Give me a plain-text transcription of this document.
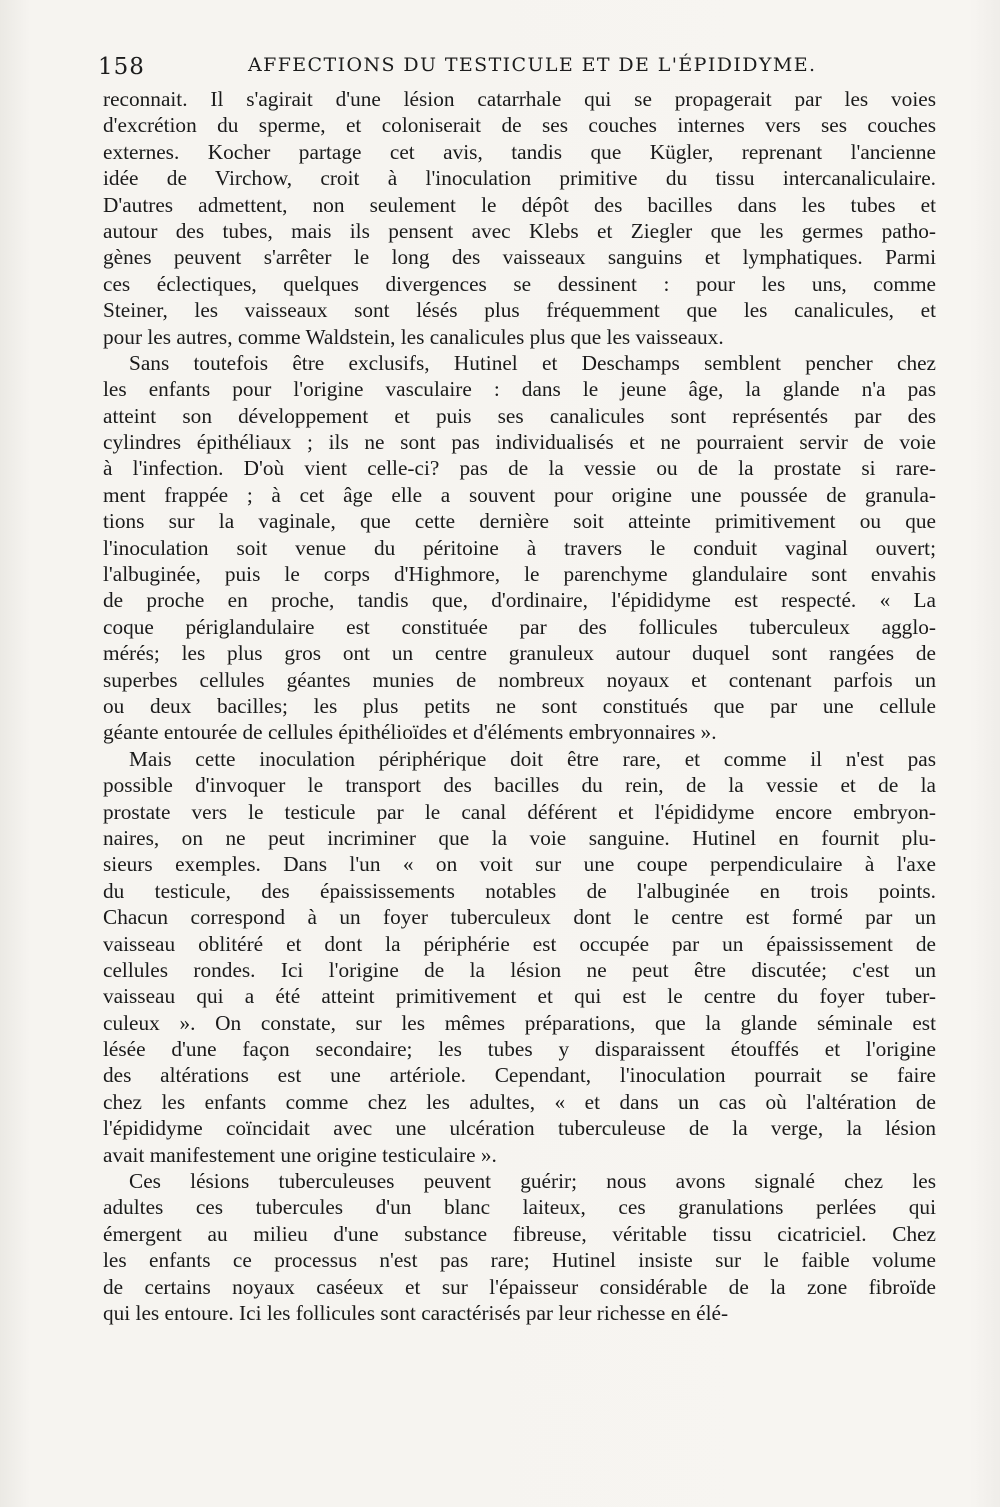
158	AFFECTIONS DU TESTICULE ET DE L'ÉPIDIDYME.
reconnait. Il s'agirait d'une lésion catarrhale qui se propagerait par les voies
d'excrétion du sperme, et coloniserait de ses couches internes vers ses couches
externes. Kocher partage cet avis, tandis que Kügler, reprenant l'ancienne
idée de Virchow, croit à l'inoculation primitive du tissu intercanaliculaire.
D'autres admettent, non seulement le dépôt des bacilles dans les tubes et
autour des tubes, mais ils pensent avec Klebs et Ziegler que les germes patho-
gènes peuvent s'arrêter le long des vaisseaux sanguins et lymphatiques. Parmi
ces éclectiques, quelques divergences se dessinent : pour les uns, comme
Steiner, les vaisseaux sont lésés plus fréquemment que les canalicules, et
pour les autres, comme Waldstein, les canalicules plus que les vaisseaux.
Sans toutefois être exclusifs, Hutinel et Deschamps semblent pencher chez
les enfants pour l'origine vasculaire : dans le jeune âge, la glande n'a pas
atteint son développement et puis ses canalicules sont représentés par des
cylindres épithéliaux ; ils ne sont pas individualisés et ne pourraient servir de voie
à l'infection. D'où vient celle-ci? pas de la vessie ou de la prostate si rare-
ment frappée ; à cet âge elle a souvent pour origine une poussée de granula-
tions sur la vaginale, que cette dernière soit atteinte primitivement ou que
l'inoculation soit venue du péritoine à travers le conduit vaginal ouvert;
l'albuginée, puis le corps d'Highmore, le parenchyme glandulaire sont envahis
de proche en proche, tandis que, d'ordinaire, l'épididyme est respecté. « La
coque périglandulaire est constituée par des follicules tuberculeux agglo-
mérés; les plus gros ont un centre granuleux autour duquel sont rangées de
superbes cellules géantes munies de nombreux noyaux et contenant parfois un
ou deux bacilles; les plus petits ne sont constitués que par une cellule
géante entourée de cellules épithélioïdes et d'éléments embryonnaires ».
Mais cette inoculation périphérique doit être rare, et comme il n'est pas
possible d'invoquer le transport des bacilles du rein, de la vessie et de la
prostate vers le testicule par le canal déférent et l'épididyme encore embryon-
naires, on ne peut incriminer que la voie sanguine. Hutinel en fournit plu-
sieurs exemples. Dans l'un « on voit sur une coupe perpendiculaire à l'axe
du testicule, des épaississements notables de l'albuginée en trois points.
Chacun correspond à un foyer tuberculeux dont le centre est formé par un
vaisseau oblitéré et dont la périphérie est occupée par un épaississement de
cellules rondes. Ici l'origine de la lésion ne peut être discutée; c'est un
vaisseau qui a été atteint primitivement et qui est le centre du foyer tuber-
culeux ». On constate, sur les mêmes préparations, que la glande séminale est
lésée d'une façon secondaire; les tubes y disparaissent étouffés et l'origine
des altérations est une artériole. Cependant, l'inoculation pourrait se faire
chez les enfants comme chez les adultes, « et dans un cas où l'altération de
l'épididyme coïncidait avec une ulcération tuberculeuse de la verge, la lésion
avait manifestement une origine testiculaire ».
Ces lésions tuberculeuses peuvent guérir; nous avons signalé chez les
adultes ces tubercules d'un blanc laiteux, ces granulations perlées qui
émergent au milieu d'une substance fibreuse, véritable tissu cicatriciel. Chez
les enfants ce processus n'est pas rare; Hutinel insiste sur le faible volume
de certains noyaux caséeux et sur l'épaisseur considérable de la zone fibroïde
qui les entoure. Ici les follicules sont caractérisés par leur richesse en élé-
